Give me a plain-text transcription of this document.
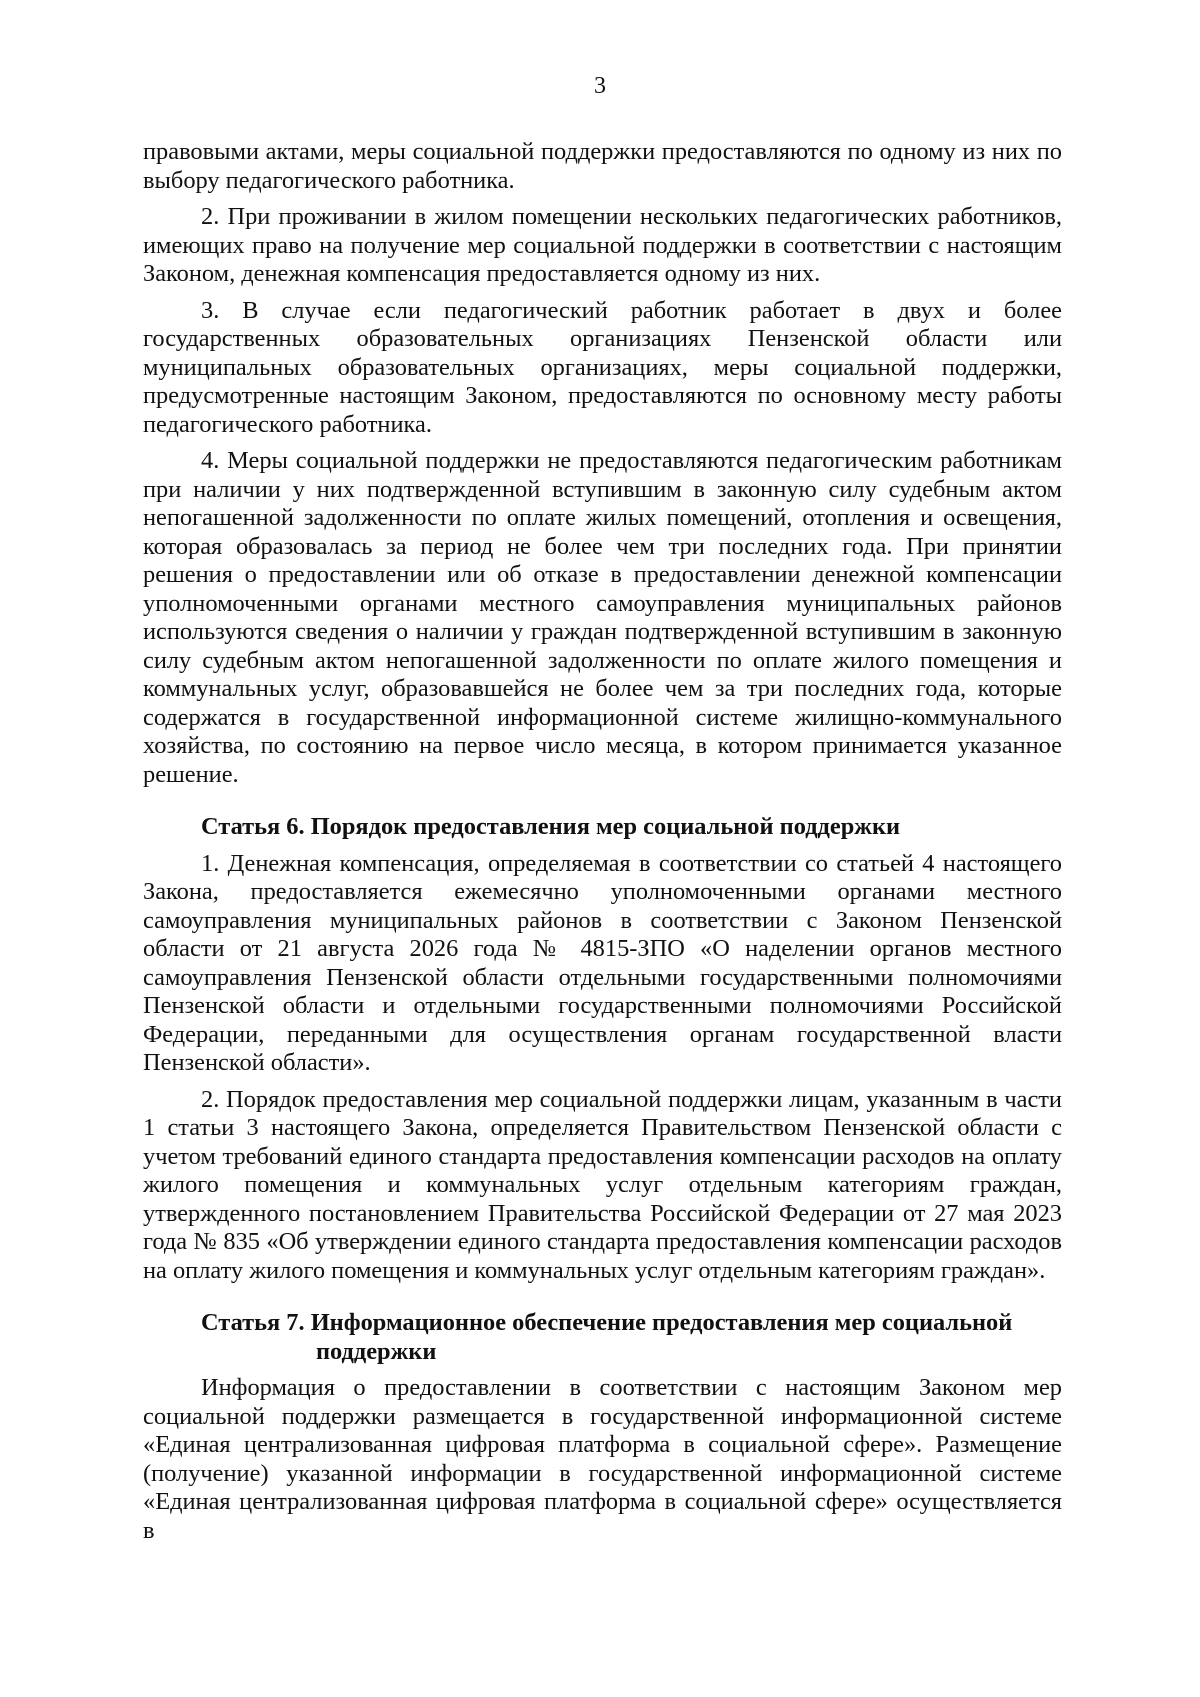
3

правовыми актами, меры социальной поддержки предоставляются по одному из них по выбору педагогического работника.

2. При проживании в жилом помещении нескольких педагогических работников, имеющих право на получение мер социальной поддержки в соответствии с настоящим Законом, денежная компенсация предоставляется одному из них.

3. В случае если педагогический работник работает в двух и более государственных образовательных организациях Пензенской области или муниципальных образовательных организациях, меры социальной поддержки, предусмотренные настоящим Законом, предоставляются по основному месту работы педагогического работника.

4. Меры социальной поддержки не предоставляются педагогическим работникам при наличии у них подтвержденной вступившим в законную силу судебным актом непогашенной задолженности по оплате жилых помещений, отопления и освещения, которая образовалась за период не более чем три последних года. При принятии решения о предоставлении или об отказе в предоставлении денежной компенсации уполномоченными органами местного самоуправления муниципальных районов используются сведения о наличии у граждан подтвержденной вступившим в законную силу судебным актом непогашенной задолженности по оплате жилого помещения и коммунальных услуг, образовавшейся не более чем за три последних года, которые содержатся в государственной информационной системе жилищно-коммунального хозяйства, по состоянию на первое число месяца, в котором принимается указанное решение.

Статья 6. Порядок предоставления мер социальной поддержки

1. Денежная компенсация, определяемая в соответствии со статьей 4 настоящего Закона, предоставляется ежемесячно уполномоченными органами местного самоуправления муниципальных районов в соответствии с Законом Пензенской области от 21 августа 2026 года № 4815-ЗПО «О наделении органов местного самоуправления Пензенской области отдельными государственными полномочиями Пензенской области и отдельными государственными полномочиями Российской Федерации, переданными для осуществления органам государственной власти Пензенской области».

2. Порядок предоставления мер социальной поддержки лицам, указанным в части 1 статьи 3 настоящего Закона, определяется Правительством Пензенской области с учетом требований единого стандарта предоставления компенсации расходов на оплату жилого помещения и коммунальных услуг отдельным категориям граждан, утвержденного постановлением Правительства Российской Федерации от 27 мая 2023 года № 835 «Об утверждении единого стандарта предоставления компенсации расходов на оплату жилого помещения и коммунальных услуг отдельным категориям граждан».

Статья 7. Информационное обеспечение предоставления мер социальной
поддержки

Информация о предоставлении в соответствии с настоящим Законом мер социальной поддержки размещается в государственной информационной системе «Единая централизованная цифровая платформа в социальной сфере». Размещение (получение) указанной информации в государственной информационной системе «Единая централизованная цифровая платформа в социальной сфере» осуществляется в
